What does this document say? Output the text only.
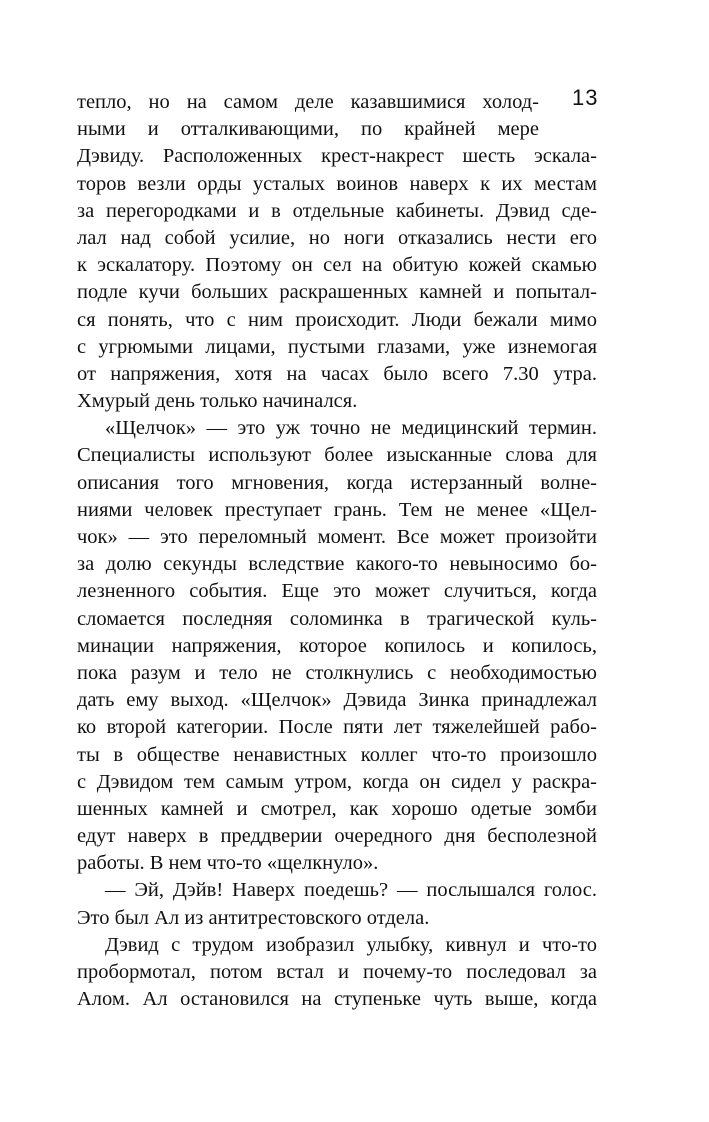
13
тепло, но на самом деле казавшимися холод-
ными и отталкивающими, по крайней мере
Дэвиду. Расположенных крест-накрест шесть эскала-
торов везли орды усталых воинов наверх к их местам
за перегородками и в отдельные кабинеты. Дэвид сде-
лал над собой усилие, но ноги отказались нести его
к эскалатору. Поэтому он сел на обитую кожей скамью
подле кучи больших раскрашенных камней и попытал-
ся понять, что с ним происходит. Люди бежали мимо
с угрюмыми лицами, пустыми глазами, уже изнемогая
от напряжения, хотя на часах было всего 7.30 утра.
Хмурый день только начинался.
«Щелчок» — это уж точно не медицинский термин.
Специалисты используют более изысканные слова для
описания того мгновения, когда истерзанный волне-
ниями человек преступает грань. Тем не менее «Щел-
чок» — это переломный момент. Все может произойти
за долю секунды вследствие какого-то невыносимо бо-
лезненного события. Еще это может случиться, когда
сломается последняя соломинка в трагической куль-
минации напряжения, которое копилось и копилось,
пока разум и тело не столкнулись с необходимостью
дать ему выход. «Щелчок» Дэвида Зинка принадлежал
ко второй категории. После пяти лет тяжелейшей рабо-
ты в обществе ненавистных коллег что-то произошло
с Дэвидом тем самым утром, когда он сидел у раскра-
шенных камней и смотрел, как хорошо одетые зомби
едут наверх в преддверии очередного дня бесполезной
работы. В нем что-то «щелкнуло».
— Эй, Дэйв! Наверх поедешь? — послышался голос.
Это был Ал из антитрестовского отдела.
Дэвид с трудом изобразил улыбку, кивнул и что-то
пробормотал, потом встал и почему-то последовал за
Алом. Ал остановился на ступеньке чуть выше, когда
